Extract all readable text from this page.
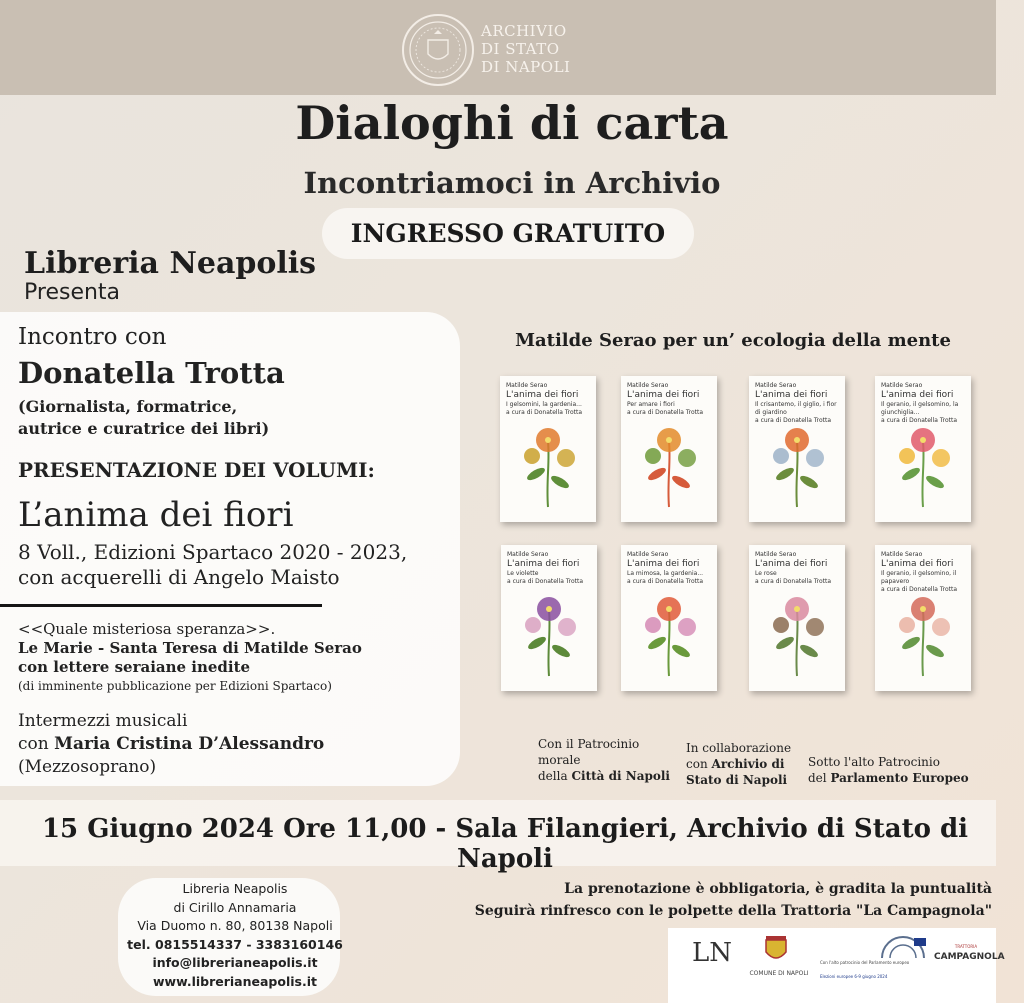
ARCHIVIO
DI STATO
DI NAPOLI
Dialoghi di carta
Incontriamoci in Archivio
INGRESSO GRATUITO
Libreria Neapolis
Presenta
Incontro con
Donatella Trotta
(Giornalista, formatrice,
autrice e curatrice dei libri)
PRESENTAZIONE DEI VOLUMI:
L’anima dei fiori
8 Voll., Edizioni Spartaco 2020 - 2023,
con acquerelli di Angelo Maisto
<<Quale misteriosa speranza>>.
Le Marie - Santa Teresa di Matilde Serao
con lettere seraiane inedite
(di imminente pubblicazione per Edizioni Spartaco)
Intermezzi musicali
con Maria Cristina D’Alessandro
(Mezzosoprano)
Matilde Serao per un’ ecologia della mente
Matilde Serao
L'anima dei fiori
I gelsomini, la gardenia...
a cura di Donatella Trotta
Matilde Serao
L'anima dei fiori
Per amare i fiori
a cura di Donatella Trotta
Matilde Serao
L'anima dei fiori
Il crisantemo, il giglio, i fior di giardino
a cura di Donatella Trotta
Matilde Serao
L'anima dei fiori
Il geranio, il gelsomino, la giunchiglia...
a cura di Donatella Trotta
Matilde Serao
L'anima dei fiori
Le violette
a cura di Donatella Trotta
Matilde Serao
L'anima dei fiori
La mimosa, la gardenia...
a cura di Donatella Trotta
Matilde Serao
L'anima dei fiori
Le rose
a cura di Donatella Trotta
Matilde Serao
L'anima dei fiori
Il geranio, il gelsomino, il papavero
a cura di Donatella Trotta
Con il Patrocinio
morale
della Città di Napoli
In collaborazione
con Archivio di
Stato di Napoli
Sotto l'alto Patrocinio
del Parlamento Europeo
15 Giugno 2024 Ore 11,00 - Sala Filangieri, Archivio di Stato di Napoli
Libreria Neapolis
di Cirillo Annamaria
Via Duomo n. 80, 80138 Napoli
tel. 0815514337 - 3383160146
info@librerianeapolis.it
www.librerianeapolis.it
La prenotazione è obbligatoria, è gradita la puntualità
Seguirà rinfresco con le polpette della Trattoria "La Campagnola"
LN
COMUNE DI NAPOLI
Con l'alto patrocinio del Parlamento europeo
Elezioni europee 6-9 giugno 2024
TRATTORIA
CAMPAGNOLA
